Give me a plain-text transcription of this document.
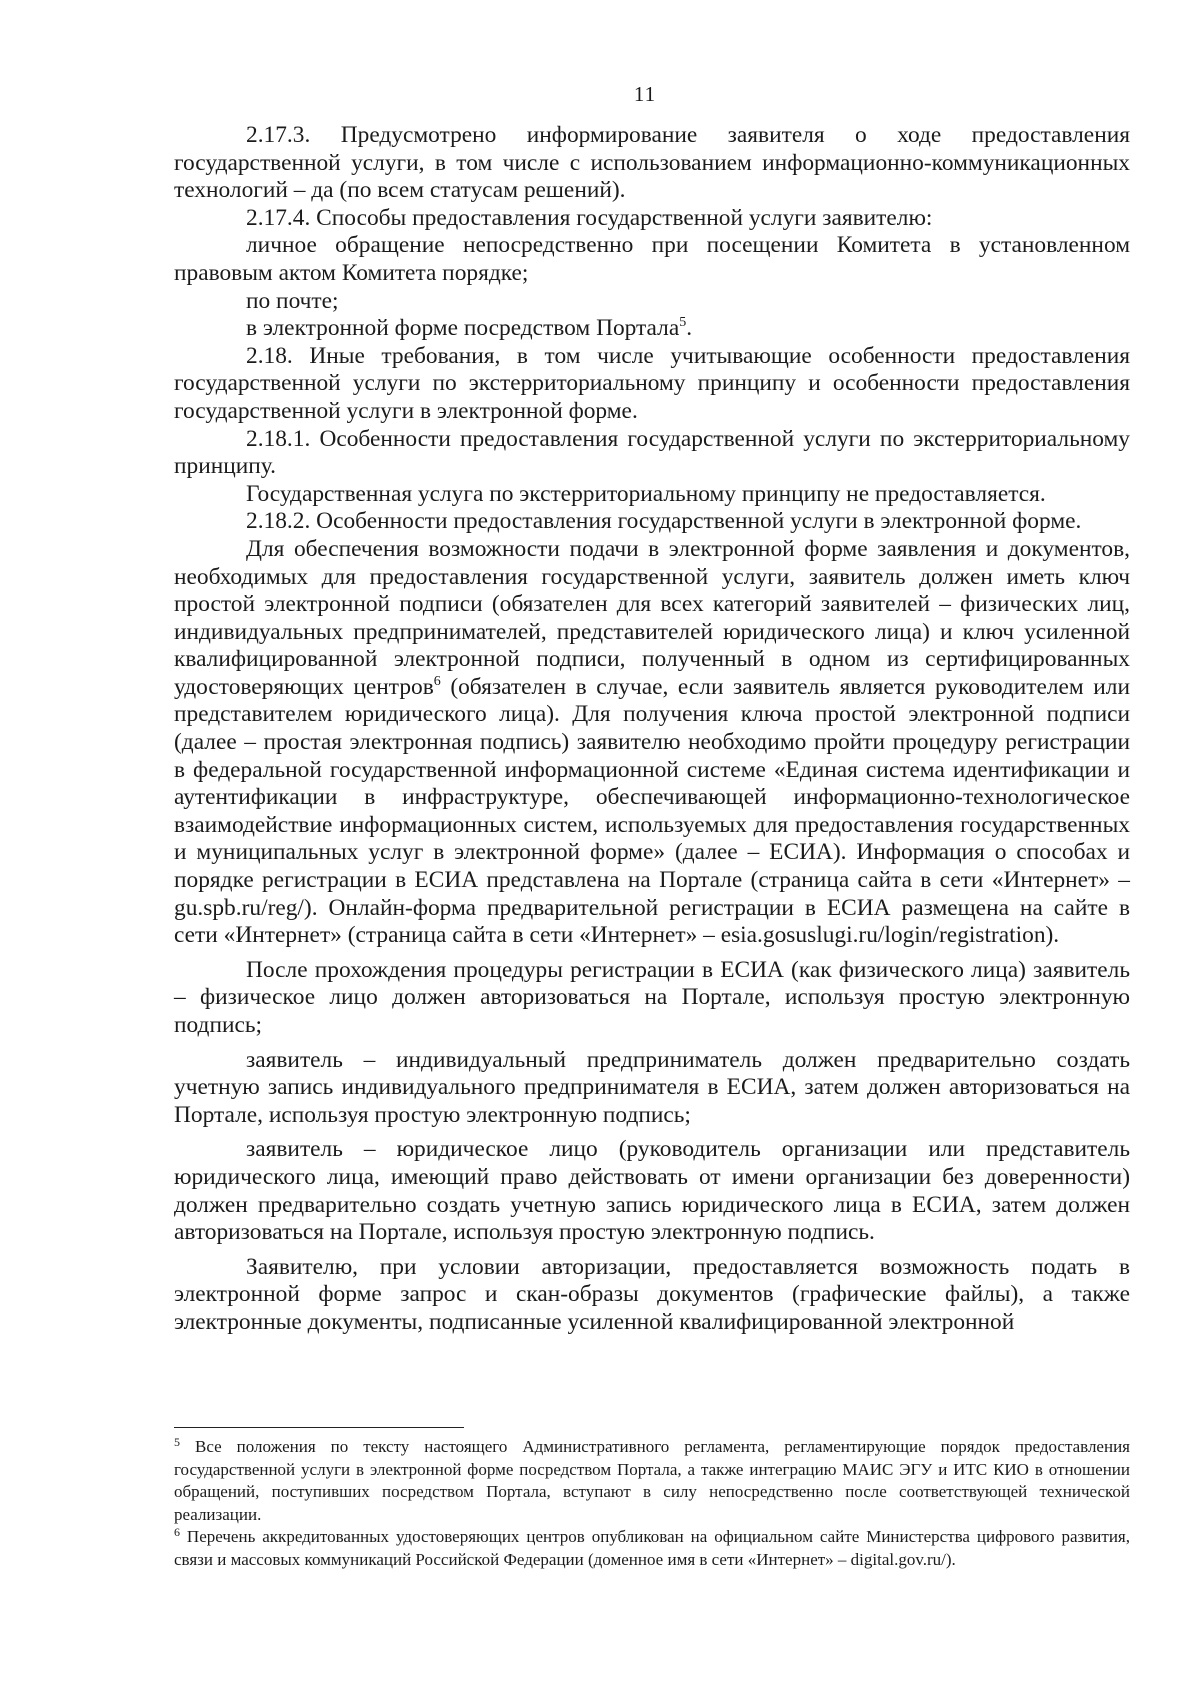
11

2.17.3. Предусмотрено информирование заявителя о ходе предоставления государственной услуги, в том числе с использованием информационно-коммуникационных технологий – да (по всем статусам решений).

2.17.4. Способы предоставления государственной услуги заявителю:

личное обращение непосредственно при посещении Комитета в установленном правовым актом Комитета порядке;

по почте;

в электронной форме посредством Портала$^5$.

2.18. Иные требования, в том числе учитывающие особенности предоставления государственной услуги по экстерриториальному принципу и особенности предоставления государственной услуги в электронной форме.

2.18.1. Особенности предоставления государственной услуги по экстерриториальному принципу.

Государственная услуга по экстерриториальному принципу не предоставляется.

2.18.2. Особенности предоставления государственной услуги в электронной форме.

Для обеспечения возможности подачи в электронной форме заявления и документов, необходимых для предоставления государственной услуги, заявитель должен иметь ключ простой электронной подписи (обязателен для всех категорий заявителей – физических лиц, индивидуальных предпринимателей, представителей юридического лица) и ключ усиленной квалифицированной электронной подписи, полученный в одном из сертифицированных удостоверяющих центров$^6$ (обязателен в случае, если заявитель является руководителем или представителем юридического лица). Для получения ключа простой электронной подписи (далее – простая электронная подпись) заявителю необходимо пройти процедуру регистрации в федеральной государственной информационной системе «Единая система идентификации и аутентификации в инфраструктуре, обеспечивающей информационно-технологическое взаимодействие информационных систем, используемых для предоставления государственных и муниципальных услуг в электронной форме» (далее – ЕСИА). Информация о способах и порядке регистрации в ЕСИА представлена на Портале (страница сайта в сети «Интернет» – gu.spb.ru/reg/). Онлайн-форма предварительной регистрации в ЕСИА размещена на сайте в сети «Интернет» (страница сайта в сети «Интернет» – esia.gosuslugi.ru/login/registration).

После прохождения процедуры регистрации в ЕСИА (как физического лица) заявитель – физическое лицо должен авторизоваться на Портале, используя простую электронную подпись;

заявитель – индивидуальный предприниматель должен предварительно создать учетную запись индивидуального предпринимателя в ЕСИА, затем должен авторизоваться на Портале, используя простую электронную подпись;

заявитель – юридическое лицо (руководитель организации или представитель юридического лица, имеющий право действовать от имени организации без доверенности) должен предварительно создать учетную запись юридического лица в ЕСИА, затем должен авторизоваться на Портале, используя простую электронную подпись.

Заявителю, при условии авторизации, предоставляется возможность подать в электронной форме запрос и скан-образы документов (графические файлы), а также электронные документы, подписанные усиленной квалифицированной электронной

$^5$ Все положения по тексту настоящего Административного регламента, регламентирующие порядок предоставления государственной услуги в электронной форме посредством Портала, а также интеграцию МАИС ЭГУ и ИТС КИО в отношении обращений, поступивших посредством Портала, вступают в силу непосредственно после соответствующей технической реализации.

$^6$ Перечень аккредитованных удостоверяющих центров опубликован на официальном сайте Министерства цифрового развития, связи и массовых коммуникаций Российской Федерации (доменное имя в сети «Интернет» – digital.gov.ru/).
